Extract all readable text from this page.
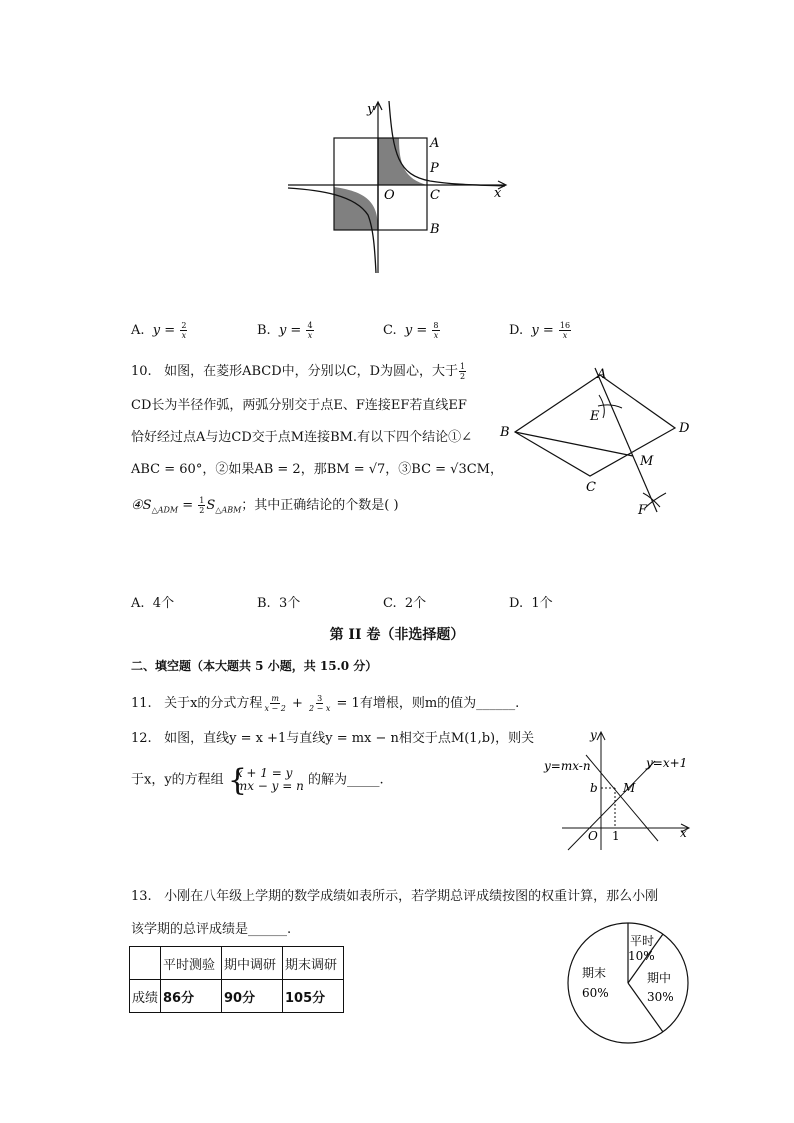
y
x
A
P
O	C
B
A. $y = \frac{2}{x}$	B. $y = \frac{4}{x}$	C. $y = \frac{8}{x}$	D. $y = \frac{16}{x}$
10. 如图，在菱形ABCD中，分别以C，D为圆心，大于 $\frac{1}{2}$
CD长为半径作弧，两弧分别交于点E、F连接EF若直线EF
恰好经过点A与边CD交于点M连接BM.有以下四个结论①∠
ABC = 60°，②如果AB = 2，那BM = √7，③BC = √3CM，
$④S_{\triangle ADM} = \frac{1}{2} S_{\triangle ABM}$；其中正确结论的个数是( )
A
B
C
D
E
F
M
A. 4个	B. 3个	C. 2个	D. 1个
第 II 卷（非选择题）
二、填空题（本大题共 5 小题，共 15.0 分）
11. 关于x的分式方程 $\frac{m}{x - 2} + \frac{3}{2 - x} = 1$有增根，则m的值为______.
12. 如图，直线y = x +1与直线y = mx − n相交于点M(1,b)，则关
于x，y的方程组 {
x + 1 = y
mx − y = n 的解为_____.
y
x
y=mx-n	y=x+1
b M
O 1
13. 小刚在八年级上学期的数学成绩如表所示，若学期总评成绩按图的权重计算，那么小刚
该学期的总评成绩是______.
	平时测验	期中调研	期末调研
成绩	86分	90分	105分
平时
10%
期中
30%
期末
60%
